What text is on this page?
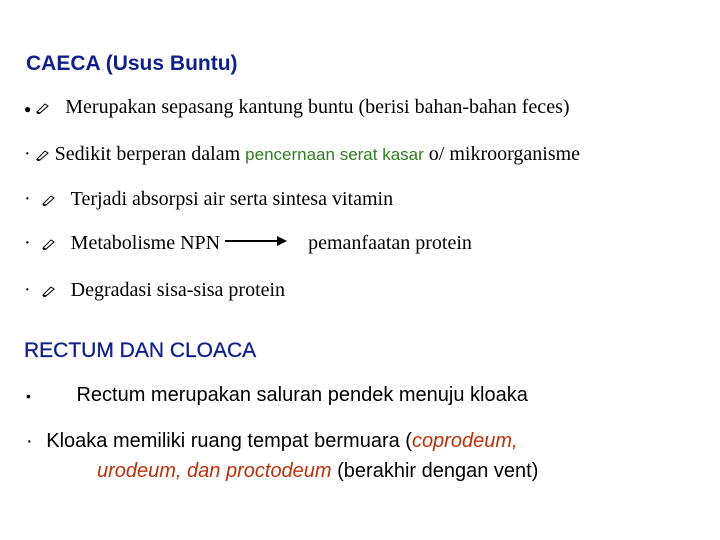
CAECA (Usus Buntu)
● Merupakan sepasang kantung buntu (berisi bahan-bahan feces)
· Sedikit berperan dalam pencernaan serat kasar o/ mikroorganisme
· Terjadi absorpsi air serta sintesa vitamin
· Metabolisme NPN	pemanfaatan protein
· Degradasi sisa-sisa protein
RECTUM DAN CLOACA
• Rectum merupakan saluran pendek menuju kloaka
· Kloaka memiliki ruang tempat bermuara (coprodeum,
urodeum, dan proctodeum (berakhir dengan vent)
